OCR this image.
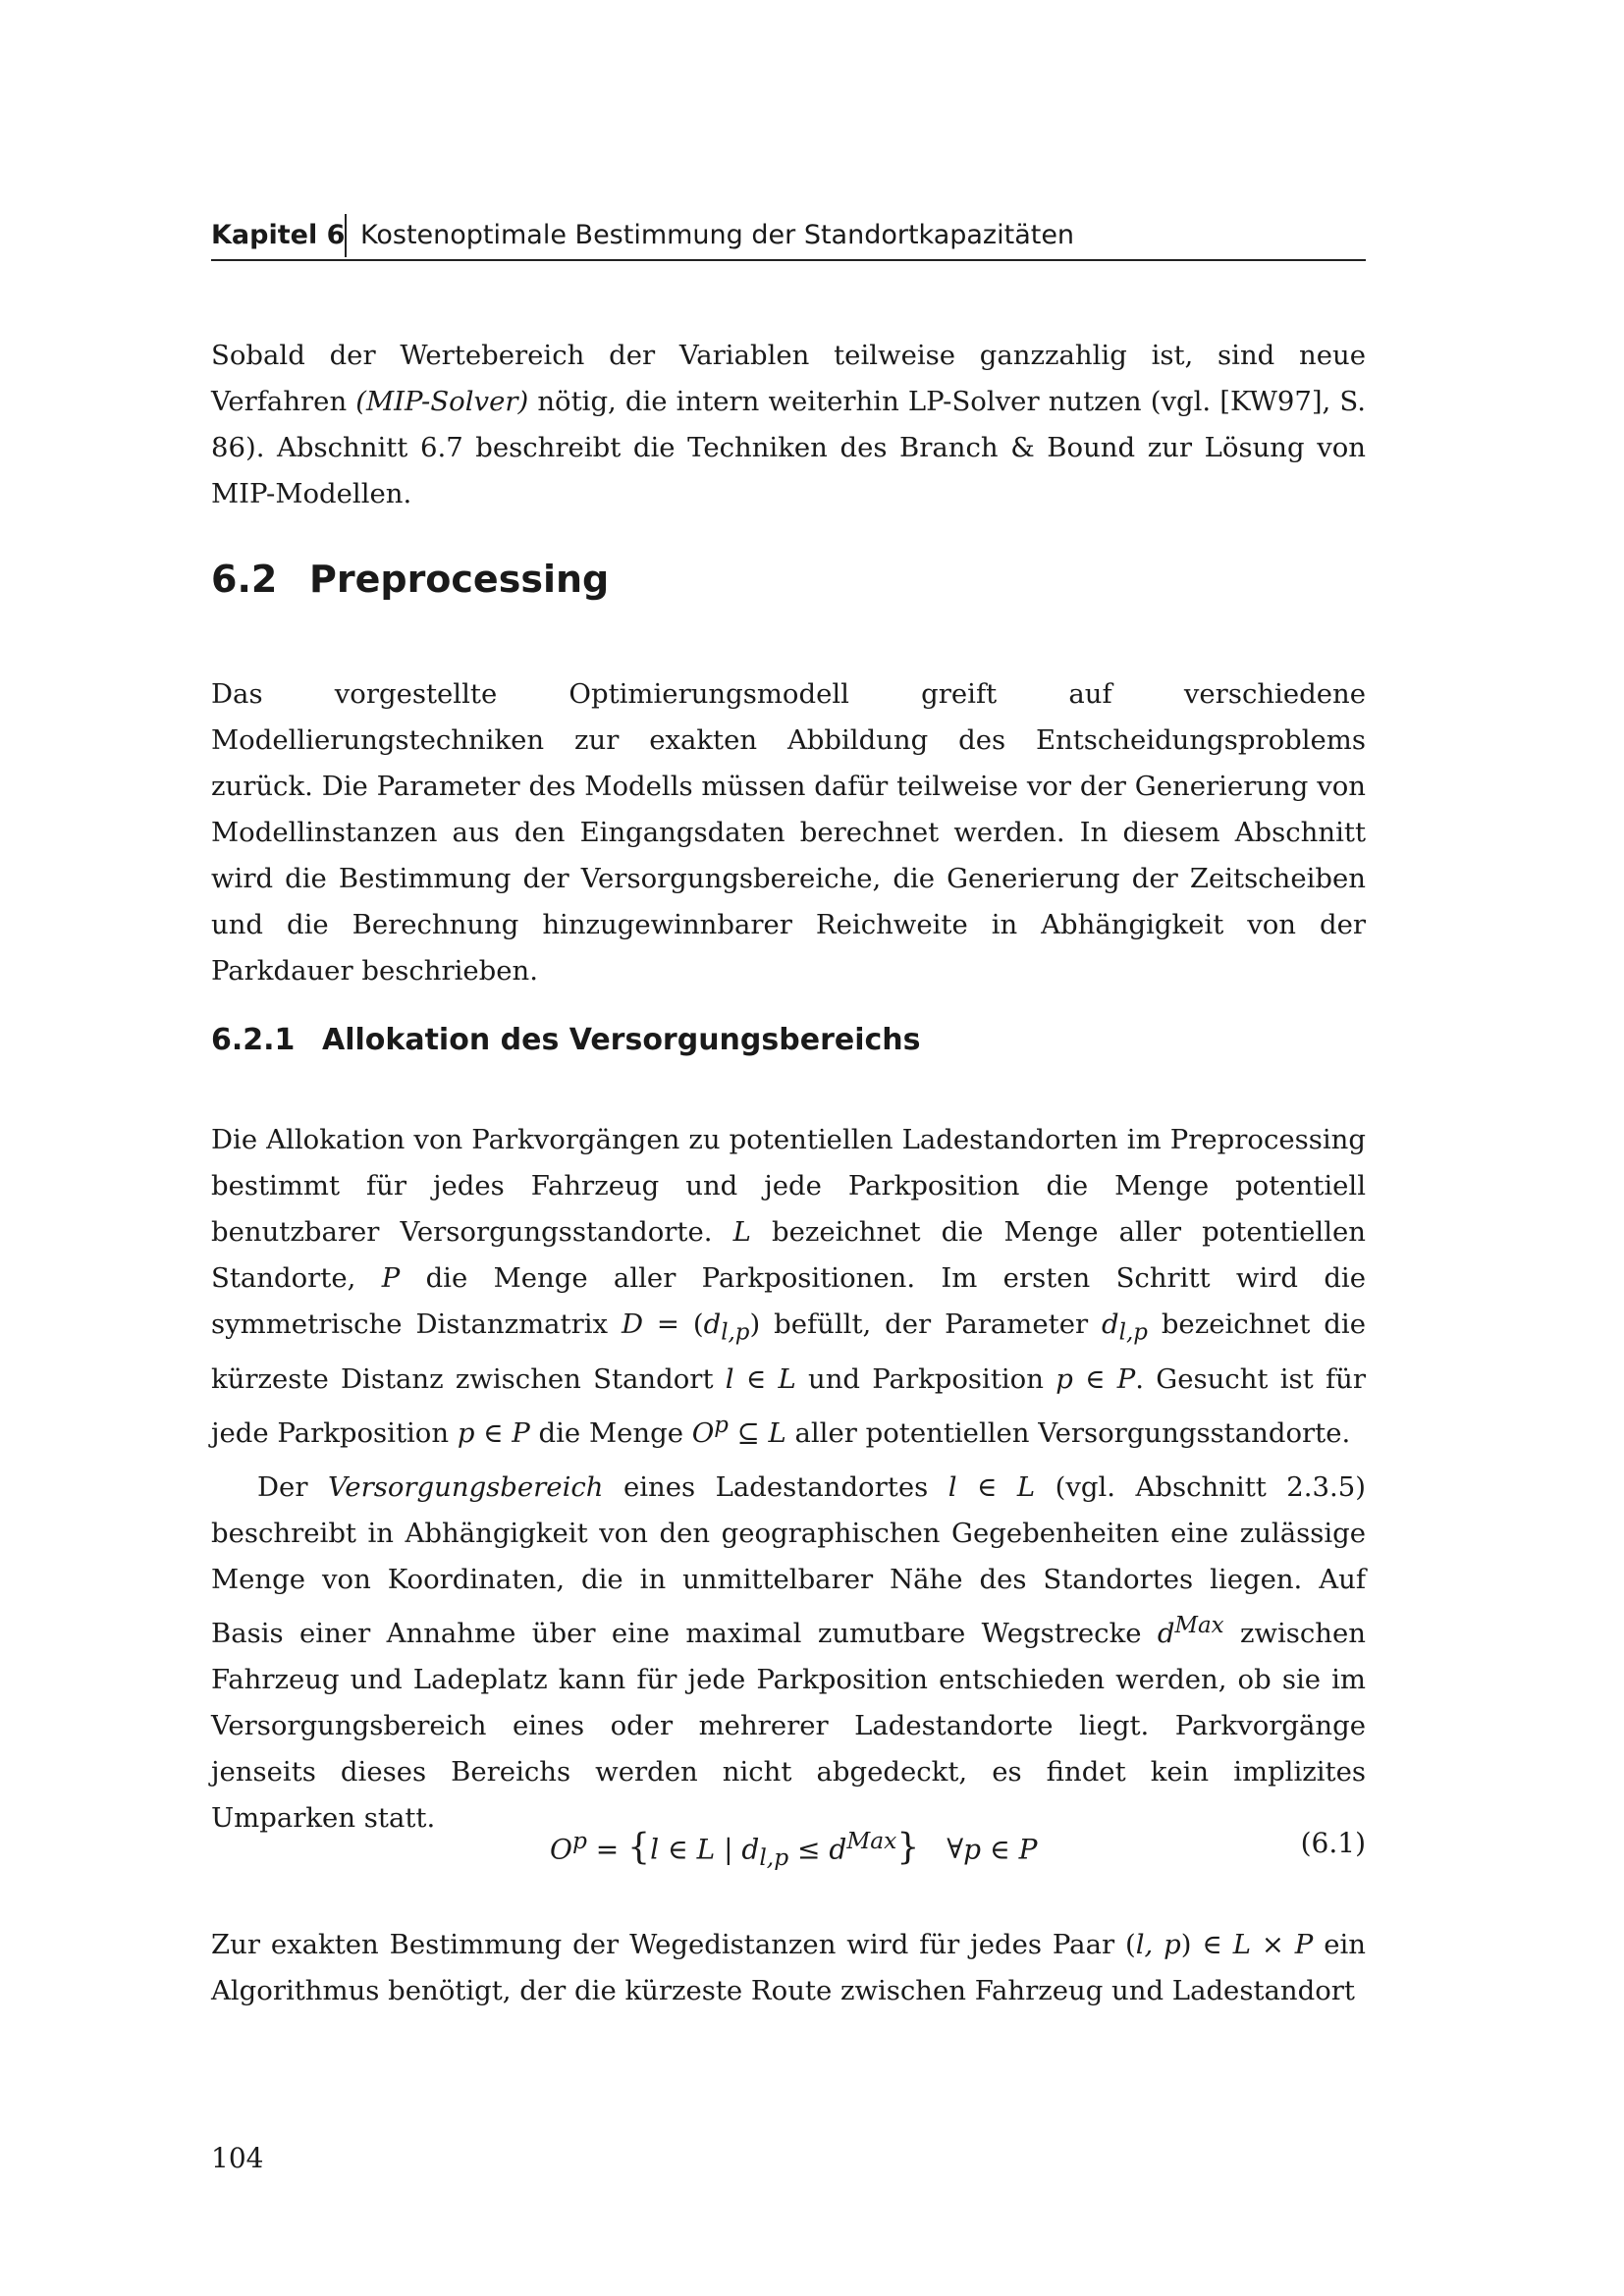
Kapitel 6 Kostenoptimale Bestimmung der Standortkapazitäten

Sobald der Wertebereich der Variablen teilweise ganzzahlig ist, sind neue Verfahren (MIP-Solver) nötig, die intern weiterhin LP-Solver nutzen (vgl. [KW97], S. 86). Abschnitt 6.7 beschreibt die Techniken des Branch & Bound zur Lösung von MIP-Modellen.

6.2 Preprocessing

Das vorgestellte Optimierungsmodell greift auf verschiedene Modellierungstechniken zur exakten Abbildung des Entscheidungsproblems zurück. Die Parameter des Modells müssen dafür teilweise vor der Generierung von Modellinstanzen aus den Eingangsdaten berechnet werden. In diesem Abschnitt wird die Bestimmung der Versorgungsbereiche, die Generierung der Zeitscheiben und die Berechnung hinzugewinnbarer Reichweite in Abhängigkeit von der Parkdauer beschrieben.

6.2.1 Allokation des Versorgungsbereichs

Die Allokation von Parkvorgängen zu potentiellen Ladestandorten im Preprocessing bestimmt für jedes Fahrzeug und jede Parkposition die Menge potentiell benutzbarer Versorgungsstandorte. L bezeichnet die Menge aller potentiellen Standorte, P die Menge aller Parkpositionen. Im ersten Schritt wird die symmetrische Distanzmatrix $D = (d_{l,p})$ befüllt, der Parameter $d_{l,p}$ bezeichnet die kürzeste Distanz zwischen Standort l ∈ L und Parkposition p ∈ P. Gesucht ist für jede Parkposition p ∈ P die Menge $O^p$ ⊆ L aller potentiellen Versorgungsstandorte.

Der Versorgungsbereich eines Ladestandortes l ∈ L (vgl. Abschnitt 2.3.5) beschreibt in Abhängigkeit von den geographischen Gegebenheiten eine zulässige Menge von Koordinaten, die in unmittelbarer Nähe des Standortes liegen. Auf Basis einer Annahme über eine maximal zumutbare Wegstrecke $d^{Max}$ zwischen Fahrzeug und Ladeplatz kann für jede Parkposition entschieden werden, ob sie im Versorgungsbereich eines oder mehrerer Ladestandorte liegt. Parkvorgänge jenseits dieses Bereichs werden nicht abgedeckt, es findet kein implizites Umparken statt.

$O^p = \{l$ ∈ L | $d_{l,p} \le d^{Max}$} ∀p ∈ P	(6.1)

Zur exakten Bestimmung der Wegedistanzen wird für jedes Paar (l, p) ∈ L × P ein Algorithmus benötigt, der die kürzeste Route zwischen Fahrzeug und Ladestandort

104
